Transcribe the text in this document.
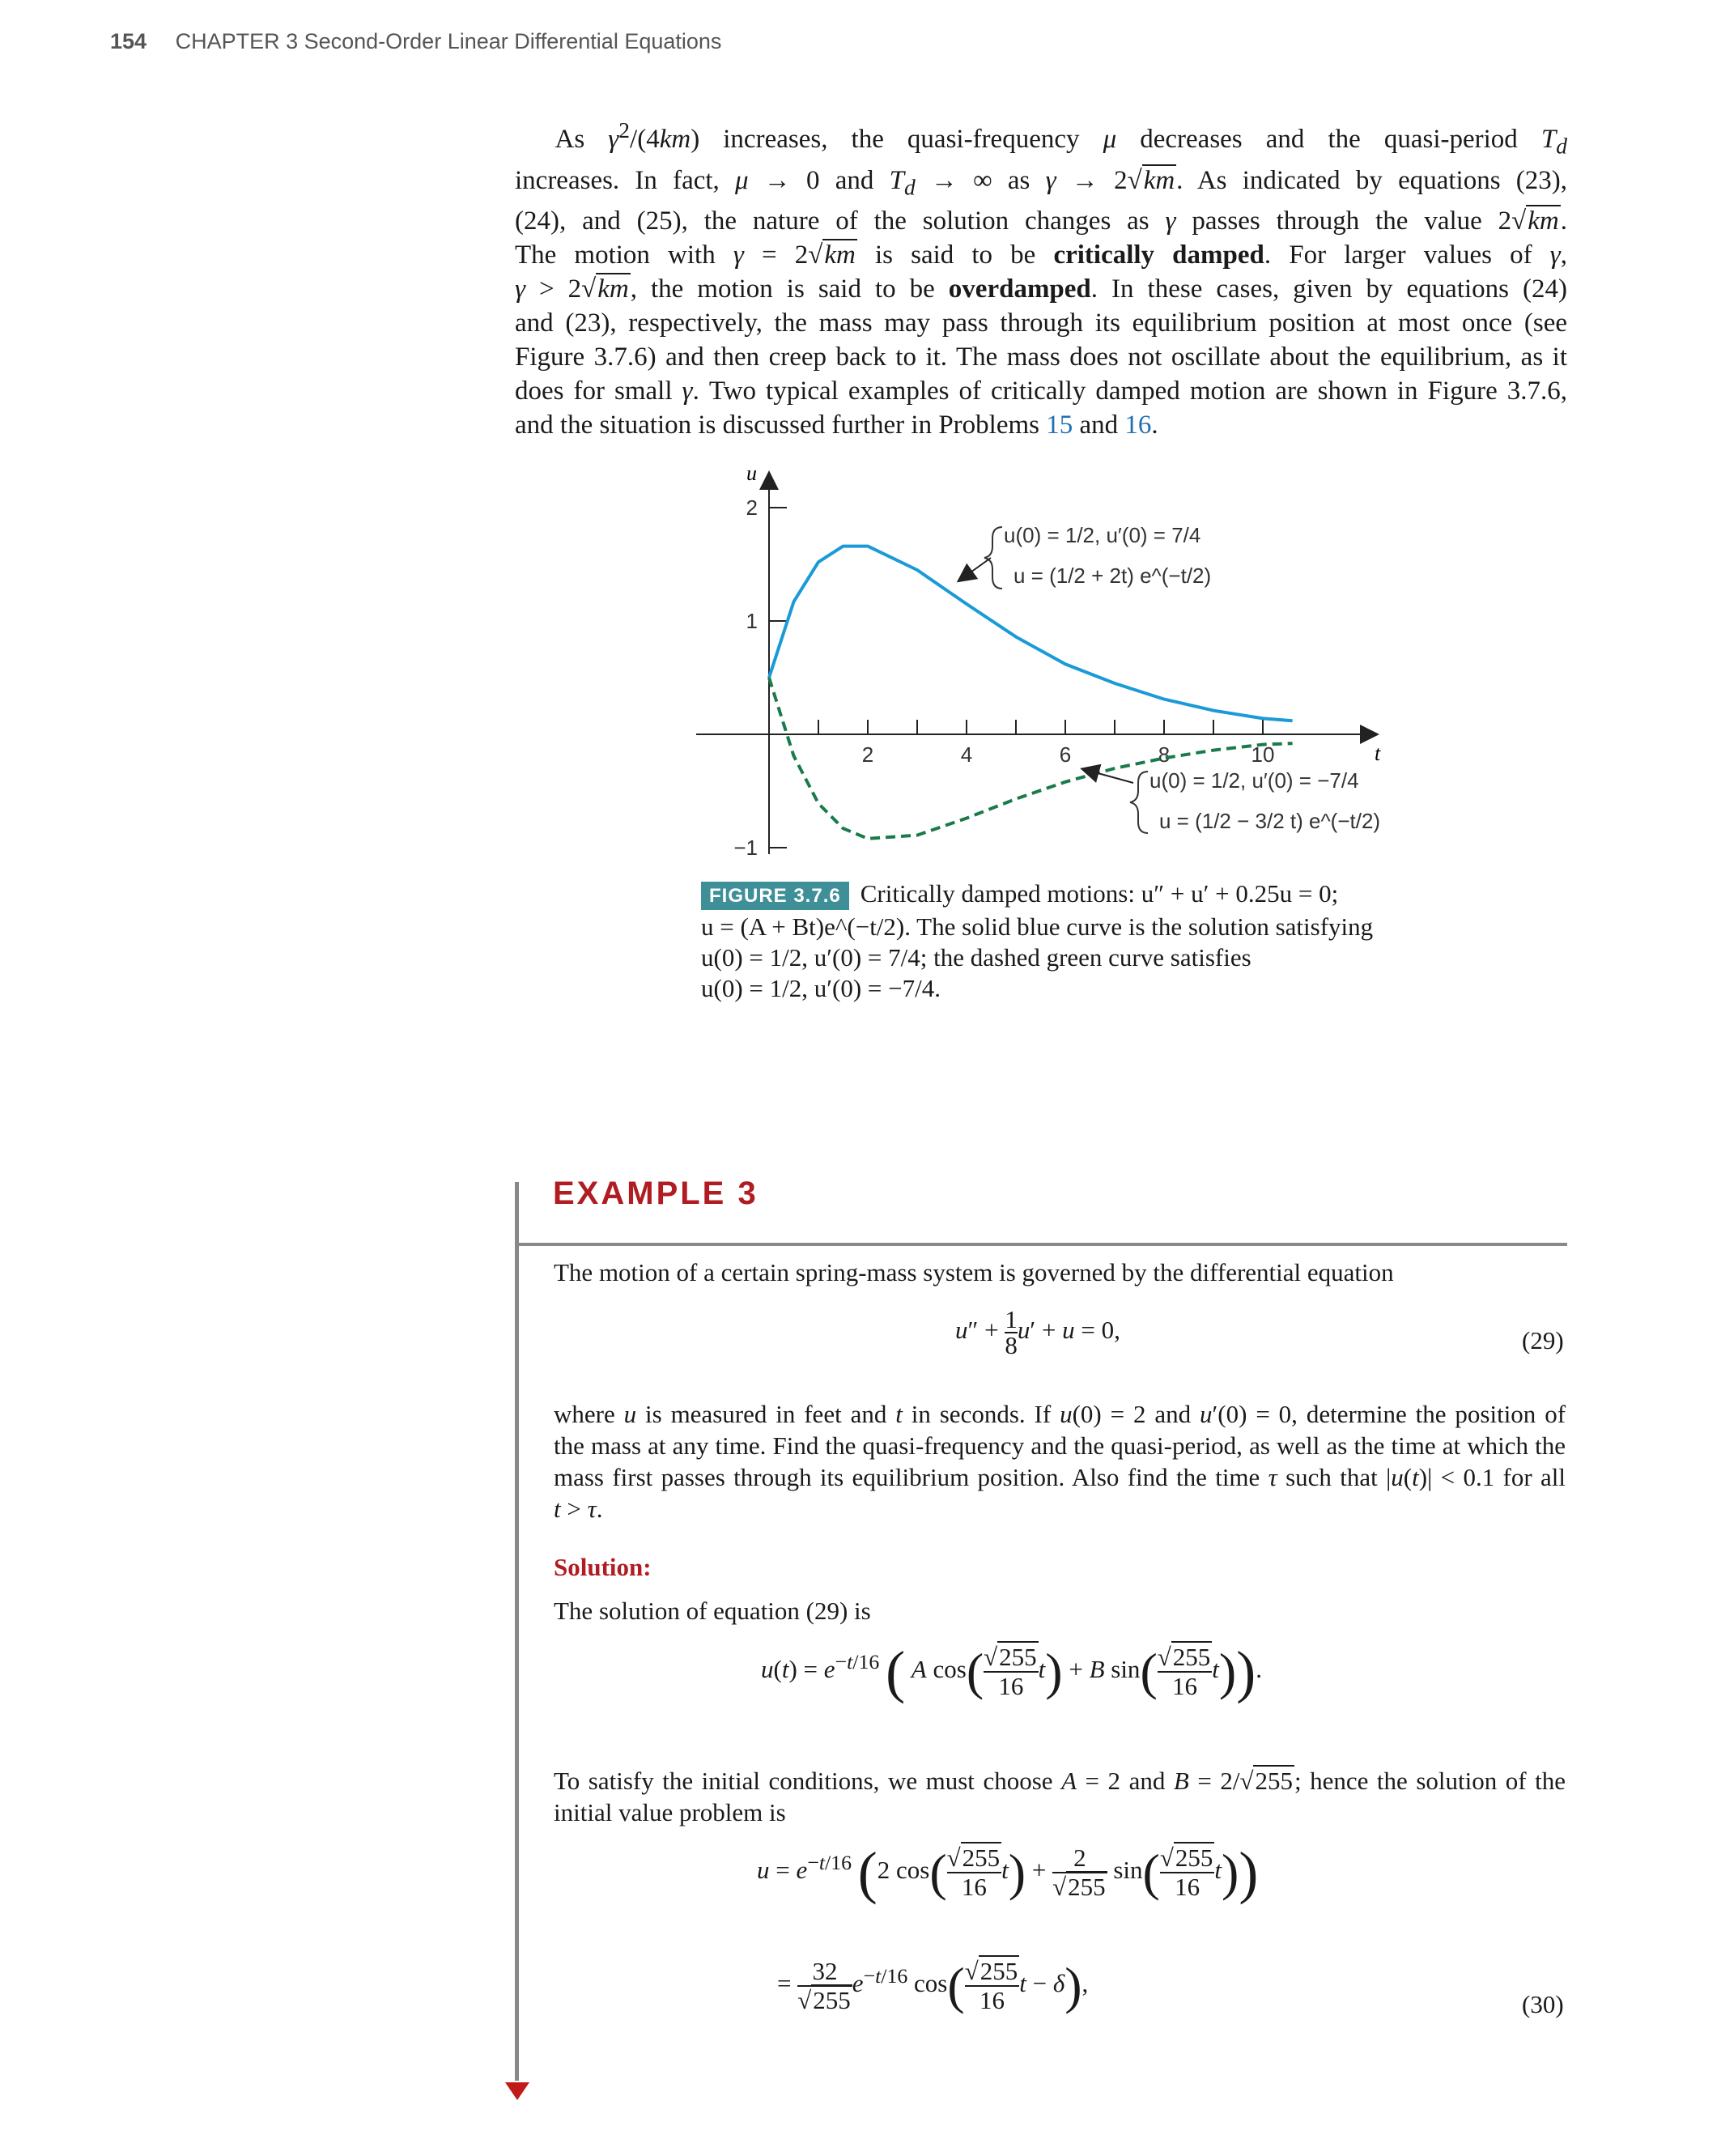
154 CHAPTER 3 Second-Order Linear Differential Equations
  As $\gamma^2/(4km)$ increases, the quasi-frequency μ decreases and the quasi-period $T_d$
increases. In fact, μ → 0 and $T_d$ → ∞ as γ → 2√km. As indicated by equations (23),
(24), and (25), the nature of the solution changes as γ passes through the value 2√km.
The motion with γ = 2√km is said to be critically damped. For larger values of γ,
γ > 2√km, the motion is said to be overdamped. In these cases, given by equations (24)
and (23), respectively, the mass may pass through its equilibrium position at most once (see
Figure 3.7.6) and then creep back to it. The mass does not oscillate about the equilibrium, as it
does for small γ. Two typical examples of critically damped motion are shown in Figure 3.7.6,
and the situation is discussed further in Problems 15 and 16.
t
u
2
1
−1
2	4	6	8	10
u(0) = 1/2, u′(0) = 7/4
u = (1/2 + 2t) e^(−t/2)
u(0) = 1/2, u′(0) = −7/4
u = (1/2 − 3/2 t) e^(−t/2)
FIGURE 3.7.6 Critically damped motions: u″ + u′ + 0.25u = 0;
u = (A + Bt)e^(−t/2). The solid blue curve is the solution satisfying
u(0) = 1/2, u′(0) = 7/4; the dashed green curve satisfies
u(0) = 1/2, u′(0) = −7/4.
EXAMPLE 3
The motion of a certain spring-mass system is governed by the differential equation
$u'' + \frac{1}{8} u' + u = 0$,	(29)
where u is measured in feet and t in seconds. If u(0) = 2 and u′(0) = 0, determine the position of
the mass at any time. Find the quasi-frequency and the quasi-period, as well as the time at which the
mass first passes through its equilibrium position. Also find the time τ such that |u(t)| < 0.1 for all
t > τ.
Solution:
The solution of equation (29) is
$u(t) = e^{-t/16}$ ( A $\cos( \frac{√255}{16} t) + B$ $\sin( \frac{√255}{16} t)$).
To satisfy the initial conditions, we must choose A = 2 and B = 2/√255; hence the solution of the
initial value problem is
$u = e^{-t/16}$ (2 $\cos( \frac{√255}{16} t) + \frac{2}{√255} \sin( \frac{√255}{16} t)$)
= $\frac{32}{√255} e^{-t/16}$ $\cos( \frac{√255}{16}$ t − δ),
(30)
